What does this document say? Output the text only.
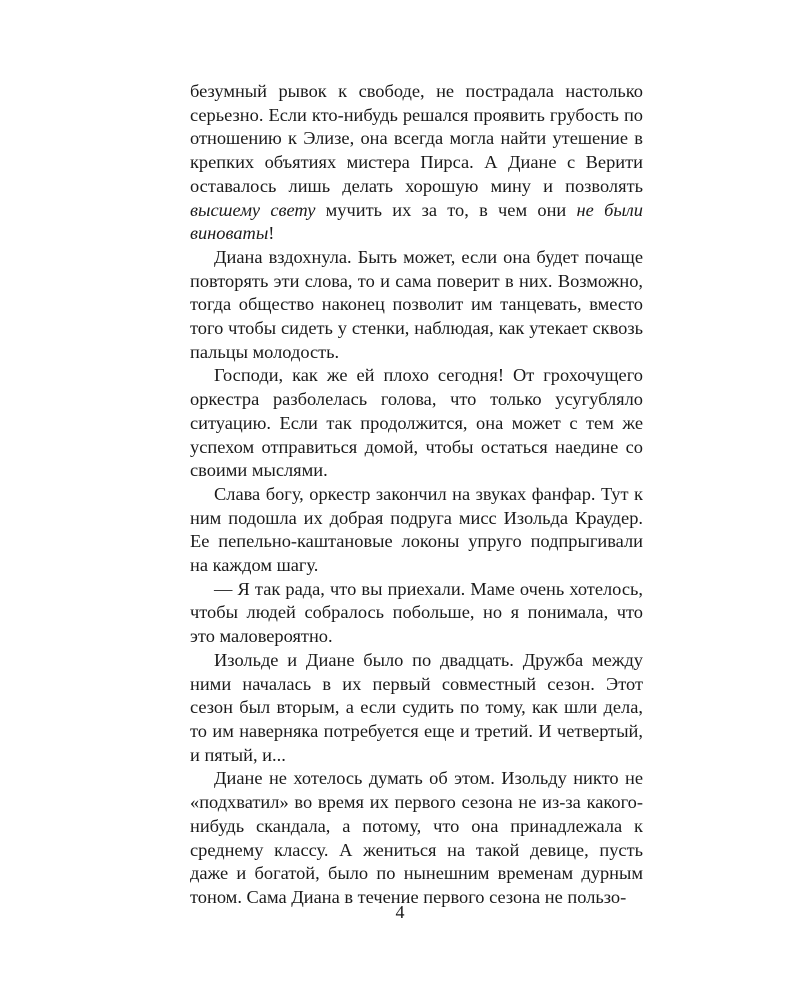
безумный рывок к свободе, не пострадала настолько серьезно. Если кто-нибудь решался проявить грубость по отношению к Элизе, она всегда могла найти утешение в крепких объятиях мистера Пирса. А Диане с Верити оставалось лишь делать хорошую мину и позволять высшему свету мучить их за то, в чем они не были виноваты!

Диана вздохнула. Быть может, если она будет почаще повторять эти слова, то и сама поверит в них. Возможно, тогда общество наконец позволит им танцевать, вместо того чтобы сидеть у стенки, наблюдая, как утекает сквозь пальцы молодость.

Господи, как же ей плохо сегодня! От грохочущего оркестра разболелась голова, что только усугубляло ситуацию. Если так продолжится, она может с тем же успехом отправиться домой, чтобы остаться наедине со своими мыслями.

Слава богу, оркестр закончил на звуках фанфар. Тут к ним подошла их добрая подруга мисс Изольда Краудер. Ее пепельно-каштановые локоны упруго подпрыгивали на каждом шагу.

— Я так рада, что вы приехали. Маме очень хотелось, чтобы людей собралось побольше, но я понимала, что это маловероятно.

Изольде и Диане было по двадцать. Дружба между ними началась в их первый совместный сезон. Этот сезон был вторым, а если судить по тому, как шли дела, то им наверняка потребуется еще и третий. И четвертый, и пятый, и...

Диане не хотелось думать об этом. Изольду никто не «подхватил» во время их первого сезона не из-за какого-нибудь скандала, а потому, что она принадлежала к среднему классу. А жениться на такой девице, пусть даже и богатой, было по нынешним временам дурным тоном. Сама Диана в течение первого сезона не пользо-

4
